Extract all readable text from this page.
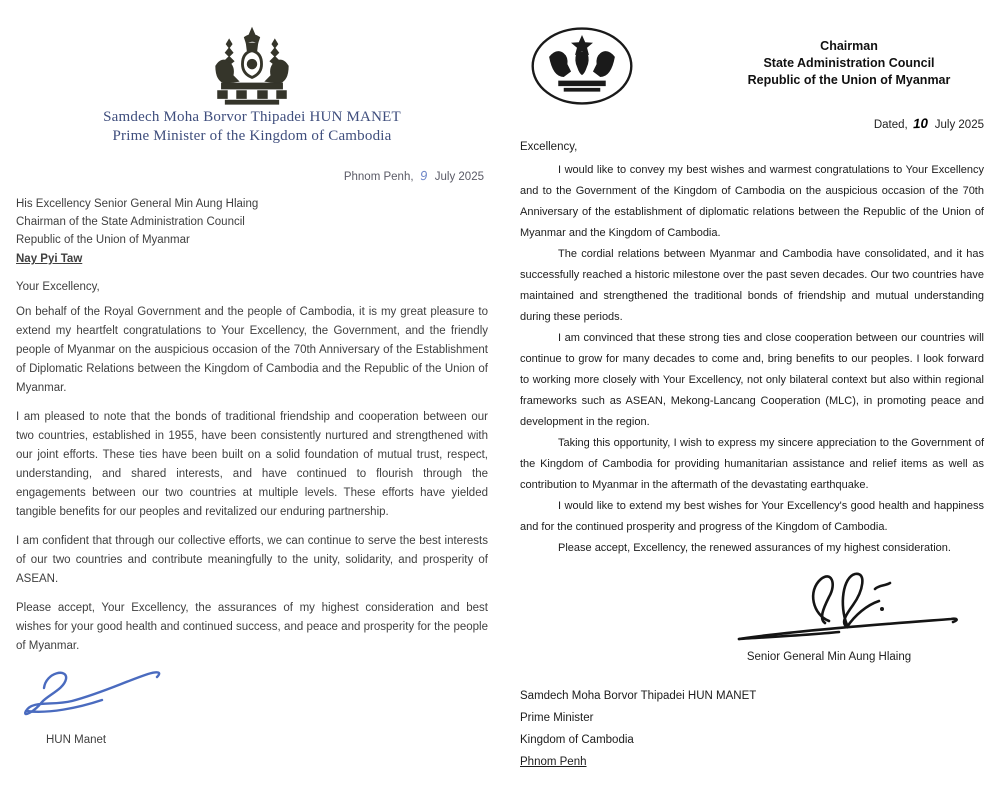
Samdech Moha Borvor Thipadei HUN MANET
Prime Minister of the Kingdom of Cambodia
Phnom Penh, 9 July 2025
His Excellency Senior General Min Aung Hlaing
Chairman of the State Administration Council
Republic of the Union of Myanmar
Nay Pyi Taw
Your Excellency,

On behalf of the Royal Government and the people of Cambodia, it is my great pleasure to extend my heartfelt congratulations to Your Excellency, the Government, and the friendly people of Myanmar on the auspicious occasion of the 70th Anniversary of the Establishment of Diplomatic Relations between the Kingdom of Cambodia and the Republic of the Union of Myanmar.

I am pleased to note that the bonds of traditional friendship and cooperation between our two countries, established in 1955, have been consistently nurtured and strengthened with our joint efforts. These ties have been built on a solid foundation of mutual trust, respect, understanding, and shared interests, and have continued to flourish through the engagements between our two countries at multiple levels. These efforts have yielded tangible benefits for our peoples and revitalized our enduring partnership.

I am confident that through our collective efforts, we can continue to serve the best interests of our two countries and contribute meaningfully to the unity, solidarity, and prosperity of ASEAN.

Please accept, Your Excellency, the assurances of my highest consideration and best wishes for your good health and continued success, and peace and prosperity for the people of Myanmar.

HUN Manet
Chairman
State Administration Council
Republic of the Union of Myanmar
Dated, 10 July 2025
Excellency,

I would like to convey my best wishes and warmest congratulations to Your Excellency and to the Government of the Kingdom of Cambodia on the auspicious occasion of the 70th Anniversary of the establishment of diplomatic relations between the Republic of the Union of Myanmar and the Kingdom of Cambodia.

The cordial relations between Myanmar and Cambodia have consolidated, and it has successfully reached a historic milestone over the past seven decades. Our two countries have maintained and strengthened the traditional bonds of friendship and mutual understanding during these periods.

I am convinced that these strong ties and close cooperation between our countries will continue to grow for many decades to come and, bring benefits to our peoples. I look forward to working more closely with Your Excellency, not only bilateral context but also within regional frameworks such as ASEAN, Mekong-Lancang Cooperation (MLC), in promoting peace and development in the region.

Taking this opportunity, I wish to express my sincere appreciation to the Government of the Kingdom of Cambodia for providing humanitarian assistance and relief items as well as contribution to Myanmar in the aftermath of the devastating earthquake.

I would like to extend my best wishes for Your Excellency's good health and happiness and for the continued prosperity and progress of the Kingdom of Cambodia.

Please accept, Excellency, the renewed assurances of my highest consideration.

Senior General Min Aung Hlaing
Samdech Moha Borvor Thipadei HUN MANET
Prime Minister
Kingdom of Cambodia
Phnom Penh
